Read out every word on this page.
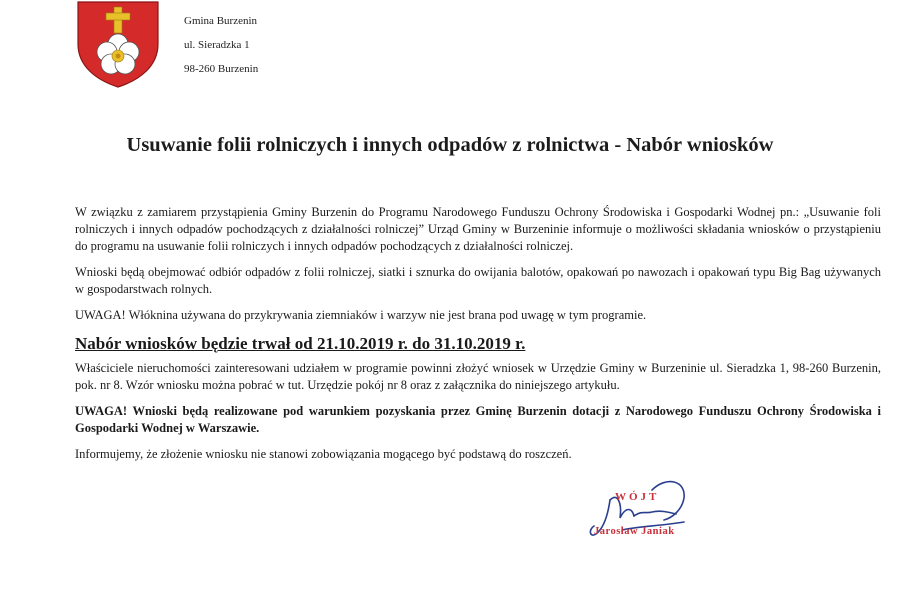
Gmina Burzenin
ul. Sieradzka 1
98-260 Burzenin
Usuwanie folii rolniczych i innych odpadów z rolnictwa - Nabór wniosków

W związku z zamiarem przystąpienia Gminy Burzenin do Programu Narodowego Funduszu Ochrony Środowiska i Gospodarki Wodnej pn.: „Usuwanie foli rolniczych i innych odpadów pochodzących z działalności rolniczej” Urząd Gminy w Burzeninie informuje o możliwości składania wniosków o przystąpieniu do programu na usuwanie folii rolniczych i innych odpadów pochodzących z działalności rolniczej.

Wnioski będą obejmować odbiór odpadów z folii rolniczej, siatki i sznurka do owijania balotów, opakowań po nawozach i opakowań typu Big Bag używanych w gospodarstwach rolnych.

UWAGA! Włóknina używana do przykrywania ziemniaków i warzyw nie jest brana pod uwagę w tym programie.

Nabór wniosków będzie trwał od 21.10.2019 r. do 31.10.2019 r.

Właściciele nieruchomości zainteresowani udziałem w programie powinni złożyć wniosek w Urzędzie Gminy w Burzeninie ul. Sieradzka 1, 98-260 Burzenin, pok. nr 8. Wzór wniosku można pobrać w tut. Urzędzie pokój nr 8 oraz z załącznika do niniejszego artykułu.

UWAGA! Wnioski będą realizowane pod warunkiem pozyskania przez Gminę Burzenin dotacji z Narodowego Funduszu Ochrony Środowiska i Gospodarki Wodnej w Warszawie.

Informujemy, że złożenie wniosku nie stanowi zobowiązania mogącego być podstawą do roszczeń.

WÓJT
Jarosław Janiak
